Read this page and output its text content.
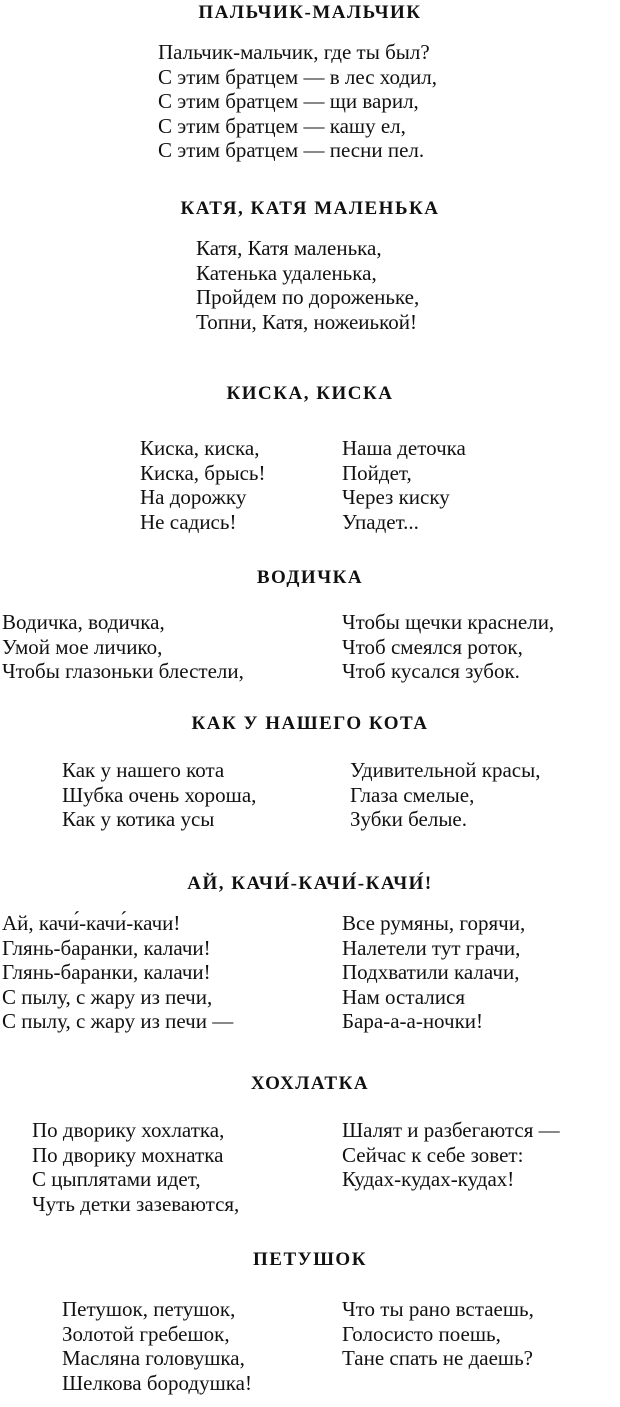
ПАЛЬЧИК-МАЛЬЧИК
Пальчик-мальчик, где ты был?
С этим братцем — в лес ходил,
С этим братцем — щи варил,
С этим братцем — кашу ел,
С этим братцем — песни пел.
КАТЯ, КАТЯ МАЛЕНЬКА
Катя, Катя маленька,
Катенька удаленька,
Пройдем по дороженьке,
Топни, Катя, ножеиькой!
КИСКА, КИСКА
Киска, киска,
Киска, брысь!
На дорожку
Не садись!
Наша деточка
Пойдет,
Через киску
Упадет...
ВОДИЧКА
Водичка, водичка,
Умой мое личико,
Чтобы глазоньки блестели,
Чтобы щечки краснели,
Чтоб смеялся роток,
Чтоб кусался зубок.
КАК У НАШЕГО КОТА
Как у нашего кота
Шубка очень хороша,
Как у котика усы
Удивительной красы,
Глаза смелые,
Зубки белые.
АЙ, КАЧИ́-КАЧИ́-КАЧИ́!
Ай, качи́-качи́-качи!
Глянь-баранки, калачи!
Глянь-баранки, калачи!
С пылу, с жару из печи,
С пылу, с жару из печи —
Все румяны, горячи,
Налетели тут грачи,
Подхватили калачи,
Нам осталися
Бара-а-а-ночки!
ХОХЛАТКА
По дворику хохлатка,
По дворику мохнатка
С цыплятами идет,
Чуть детки зазеваются,
Шалят и разбегаются —
Сейчас к себе зовет:
Кудах-кудах-кудах!
ПЕТУШОК
Петушок, петушок,
Золотой гребешок,
Масляна головушка,
Шелкова бородушка!
Что ты рано встаешь,
Голосисто поешь,
Тане спать не даешь?
